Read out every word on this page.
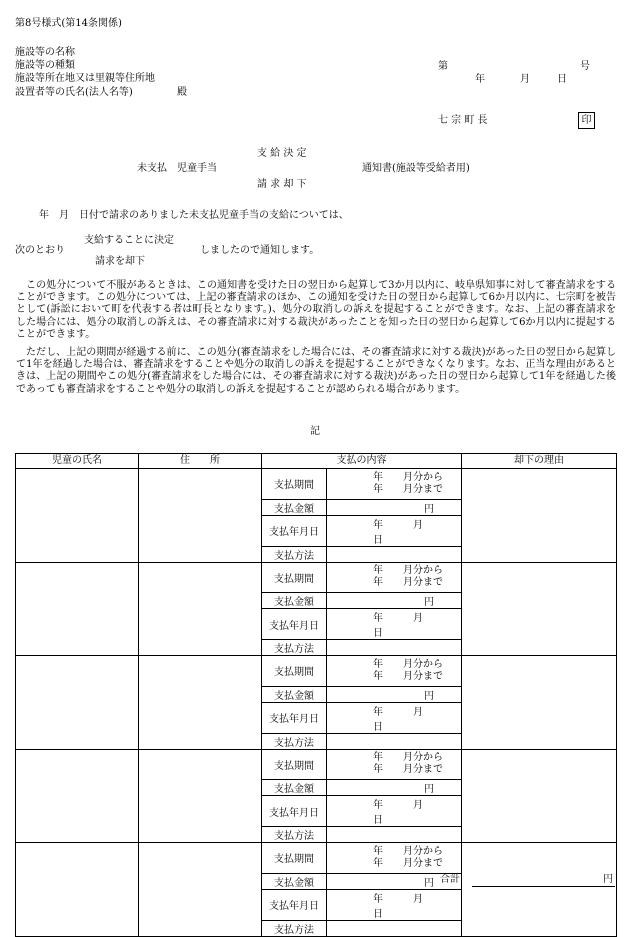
第8号様式(第14条関係)
施設等の名称
施設等の種類
施設等所在地又は里親等住所地
設置者等の氏名(法人名等)	殿
第	号
年	月	日
七 宗 町 長	印
支 給 決 定
未支払　児童手当	通知書(施設等受給者用)
請 求 却 下
年　月　日付で請求のありました未支払児童手当の支給については、
支給することに決定
次のとおり	しましたので通知します。
請求を却下
この処分について不服があるときは、この通知書を受けた日の翌日から起算して3か月以内に、岐阜県知事に対して審査請求をすることができます。この処分については、上記の審査請求のほか、この通知を受けた日の翌日から起算して6か月以内に、七宗町を被告として(訴訟において町を代表する者は町長となります。)、処分の取消しの訴えを提起することができます。なお、上記の審査請求をした場合には、処分の取消しの訴えは、その審査請求に対する裁決があったことを知った日の翌日から起算して6か月以内に提起することができます。
ただし、上記の期間が経過する前に、この処分(審査請求をした場合には、その審査請求に対する裁決)があった日の翌日から起算して1年を経過した場合は、審査請求をすることや処分の取消しの訴えを提起することができなくなります。なお、正当な理由があるときは、上記の期間やこの処分(審査請求をした場合には、その審査請求に対する裁決)があった日の翌日から起算して1年を経過した後であっても審査請求をすることや処分の取消しの訴えを提起することが認められる場合があります。
記
児童の氏名	住　　所	支払の内容	却下の理由

支払期間	
年　　月分から
年　　月分まで

支払金額	円
支払年月日	年　　　月　　　日
支払方法	

支払期間	
年　　月分から
年　　月分まで

支払金額	円
支払年月日	年　　　月　　　日
支払方法	

支払期間	
年　　月分から
年　　月分まで

支払金額	円
支払年月日	年　　　月　　　日
支払方法	

支払期間	
年　　月分から
年　　月分まで

支払金額	円
支払年月日	年　　　月　　　日
支払方法	

支払期間	
年　　月分から
年　　月分まで

支払金額	円
支払年月日	年　　　月　　　日
支払方法	

合計	円
